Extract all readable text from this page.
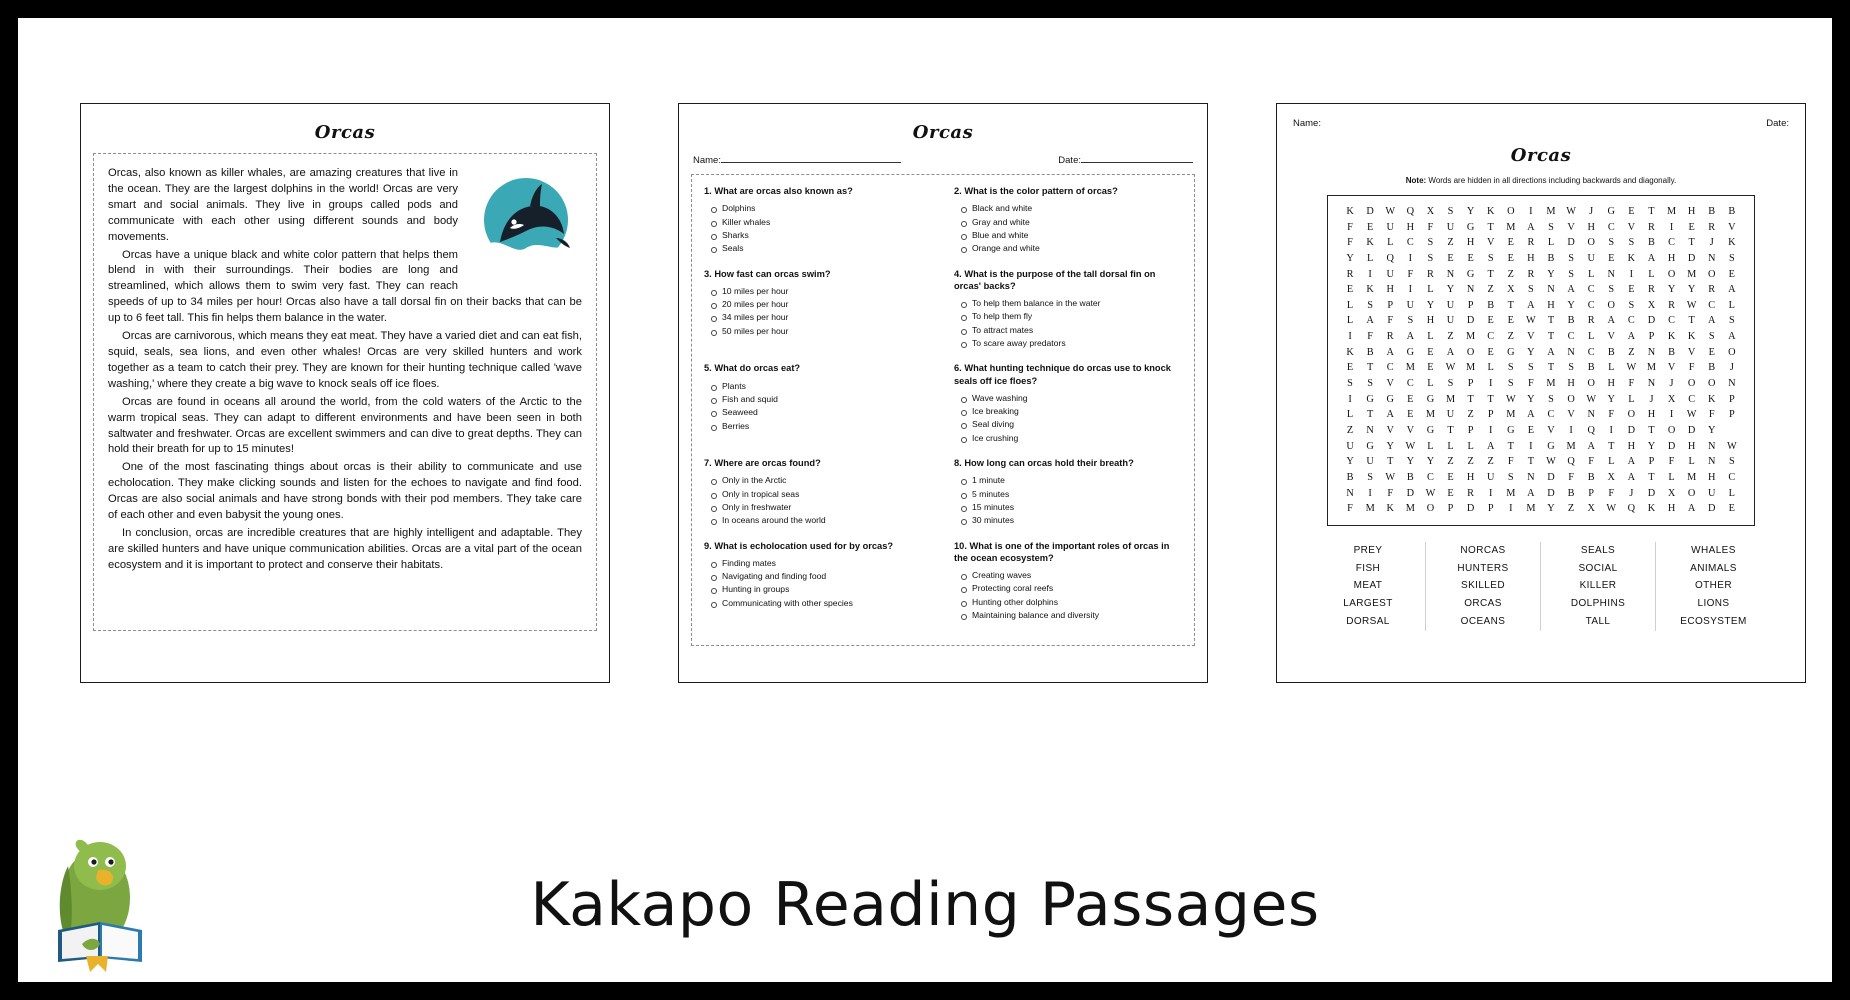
Orcas

Orcas, also known as killer whales, are amazing creatures that live in the ocean. They are the largest dolphins in the world! Orcas are very smart and social animals. They live in groups called pods and communicate with each other using different sounds and body movements.

Orcas have a unique black and white color pattern that helps them blend in with their surroundings. Their bodies are long and streamlined, which allows them to swim very fast. They can reach speeds of up to 34 miles per hour! Orcas also have a tall dorsal fin on their backs that can be up to 6 feet tall. This fin helps them balance in the water.

Orcas are carnivorous, which means they eat meat. They have a varied diet and can eat fish, squid, seals, sea lions, and even other whales! Orcas are very skilled hunters and work together as a team to catch their prey. They are known for their hunting technique called 'wave washing,' where they create a big wave to knock seals off ice floes.

Orcas are found in oceans all around the world, from the cold waters of the Arctic to the warm tropical seas. They can adapt to different environments and have been seen in both saltwater and freshwater. Orcas are excellent swimmers and can dive to great depths. They can hold their breath for up to 15 minutes!

One of the most fascinating things about orcas is their ability to communicate and use echolocation. They make clicking sounds and listen for the echoes to navigate and find food. Orcas are also social animals and have strong bonds with their pod members. They take care of each other and even babysit the young ones.

In conclusion, orcas are incredible creatures that are highly intelligent and adaptable. They are skilled hunters and have unique communication abilities. Orcas are a vital part of the ocean ecosystem and it is important to protect and conserve their habitats.

Orcas
Name:	Date:
1. What are orcas also known as?
Dolphins
Killer whales
Sharks
Seals
2. What is the color pattern of orcas?
Black and white
Gray and white
Blue and white
Orange and white
3. How fast can orcas swim?
10 miles per hour
20 miles per hour
34 miles per hour
50 miles per hour
4. What is the purpose of the tall dorsal fin on orcas' backs?
To help them balance in the water
To help them fly
To attract mates
To scare away predators
5. What do orcas eat?
Plants
Fish and squid
Seaweed
Berries
6. What hunting technique do orcas use to knock seals off ice floes?
Wave washing
Ice breaking
Seal diving
Ice crushing
7. Where are orcas found?
Only in the Arctic
Only in tropical seas
Only in freshwater
In oceans around the world
8. How long can orcas hold their breath?
1 minute
5 minutes
15 minutes
30 minutes
9. What is echolocation used for by orcas?
Finding mates
Navigating and finding food
Hunting in groups
Communicating with other species
10. What is one of the important roles of orcas in the ocean ecosystem?
Creating waves
Protecting coral reefs
Hunting other dolphins
Maintaining balance and diversity
Name:	Date:
Orcas
Note: Words are hidden in all directions including backwards and diagonally.
K	D	W	Q	X	S	Y	K	O	I	M	W	J	G	E	T	M	H	B	B
F	E	U	H	F	U	G	T	M	A	S	V	H	C	V	R	I	E	R	V
F	K	L	C	S	Z	H	V	E	R	L	D	O	S	S	B	C	T	J	K
Y	L	Q	I	S	E	E	S	E	H	B	S	U	E	K	A	H	D	N	S
R	I	U	F	R	N	G	T	Z	R	Y	S	L	N	I	L	O	M	O	E
E	K	H	I	L	Y	N	Z	X	S	N	A	C	S	E	R	Y	Y	R	A
L	S	P	U	Y	U	P	B	T	A	H	Y	C	O	S	X	R	W	C	L
L	A	F	S	H	U	D	E	E	W	T	B	R	A	C	D	C	T	A	S
I	F	R	A	L	Z	M	C	Z	V	T	C	L	V	A	P	K	K	S	A
K	B	A	G	E	A	O	E	G	Y	A	N	C	B	Z	N	B	V	E	O
E	T	C	M	E	W	M	L	S	S	T	S	B	L	W	M	V	F	B	J
S	S	V	C	L	S	P	I	S	F	M	H	O	H	F	N	J	O	O	N
I	G	G	E	G	M	T	T	W	Y	S	O	W	Y	L	J	X	C	K	P
L	T	A	E	M	U	Z	P	M	A	C	V	N	F	O	H	I	W	F	P
Z	N	V	V	G	T	P	I	G	E	V	I	Q	I	D	T	O	D	Y
U	G	Y	W	L	L	L	A	T	I	G	M	A	T	H	Y	D	H	N	W
Y	U	T	Y	Y	Z	Z	Z	F	T	W	Q	F	L	A	P	F	L	N	S
B	S	W	B	C	E	H	U	S	N	D	F	B	X	A	T	L	M	H	C
N	I	F	D	W	E	R	I	M	A	D	B	P	F	J	D	X	O	U	L
F	M	K	M	O	P	D	P	I	M	Y	Z	X	W	Q	K	H	A	D	E
PREY
FISH
MEAT
LARGEST
DORSAL
NORCAS
HUNTERS
SKILLED
ORCAS
OCEANS
SEALS
SOCIAL
KILLER
DOLPHINS
TALL
WHALES
ANIMALS
OTHER
LIONS
ECOSYSTEM
Kakapo Reading Passages
